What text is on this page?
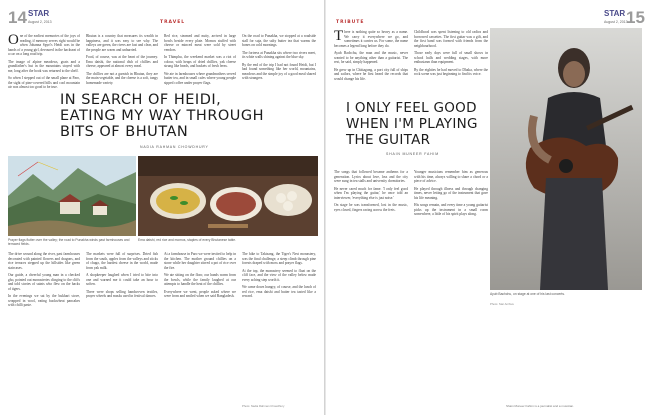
14 STAR
August 2, 2013	TRAVEL
O ne of the earliest memories of the joys of reading, if memory serves right would be when Johanna Spyri's Heidi was in the hands of a young girl, devoured in the backseat of a car on a long road trip.

The image of alpine meadows, goats and a grandfather's hut in the mountains stayed with me, long after the book was returned to the shelf.

So when I stepped out of the small plane at Paro, the sight of pine-covered hills and cool mountain air was almost too good to be true.

Bhutan is a country that measures its wealth in happiness, and it was easy to see why. The valleys are green, the rivers are fast and clear, and the people are warm and unhurried.

Food, of course, was at the heart of the journey. Ema datshi, the national dish of chillies and cheese, appeared at almost every meal.

The chillies are not a garnish in Bhutan, they are the main vegetable, and the cheese is a soft, tangy homemade variety.

Red rice, steamed and nutty, arrived in large bowls beside every plate. Momos stuffed with cheese or minced meat were sold by street vendors.

In Thimphu, the weekend market was a riot of colour, with heaps of dried chillies, yak cheese strung like beads, and baskets of fresh ferns.

We ate in farmhouses where grandmothers served butter tea, and in small cafes where young people sipped coffee under prayer flags.

On the road to Punakha, we stopped at a roadside stall for suja, the salty butter tea that warms the bones on cold mornings.

The fortress at Punakha sits where two rivers meet, its white walls shining against the blue sky.

By the end of the trip I had not found Heidi, but I had found something like her world, mountains, meadows and the simple joy of a good meal shared with strangers.

IN SEARCH OF HEIDI,
EATING MY WAY THROUGH
BITS OF BHUTAN
NADIA RAHMAN CHOWDHURY
Prayer flags flutter over the valley; the road to Punakha winds past farmhouses and terraced fields.
Ema datshi, red rice and momos, staples of every Bhutanese table.

The drive wound along the river, past farmhouses decorated with painted flowers and dragons, and rice terraces stepped up the hillsides like green staircases.

Our guide, a cheerful young man in a checked gho, pointed out monasteries clinging to the cliffs and told stories of saints who flew on the backs of tigers.

In the evenings we sat by the bukhari stove, wrapped in wool, eating buckwheat pancakes with chilli paste.

The markets were full of surprises. Dried fish from the south, apples from the valleys and sticks of chugo, the hardest cheese in the world, made from yak milk.

A shopkeeper laughed when I tried to bite into one and warned me it could take an hour to soften.

There were shops selling handwoven textiles, prayer wheels and masks used in festival dances.

At a farmhouse in Paro we were invited to help in the kitchen. The mother ground chillies on a stone while her daughter stirred a pot of rice over the fire.

We ate sitting on the floor, our hands warm from the bowls, while the family laughed at our attempts to handle the heat of the chillies.

Everywhere we went, people asked where we were from and smiled when we said Bangladesh.

The hike to Taktsang, the Tiger's Nest monastery, was the final challenge, a steep climb through pine forests draped with moss and prayer flags.

At the top, the monastery seemed to float on the cliff face, and the view of the valley below made every aching step worth it.

We came down hungry, of course, and the lunch of red rice, ema datshi and butter tea tasted like a reward.

Photo: Nadia Rahman Chowdhury
STAR
August 2, 2013
15
TRIBUTE
T here is nothing quite so heavy as a name. We carry it everywhere we go, and sometimes it carries us. For some, the name becomes a legend long before they do.

Ayub Bachchu, the man and the music, never wanted to be anything other than a guitarist. The rest, he said, simply happened.

He grew up in Chittagong, a port city full of ships and sailors, where he first heard the records that would change his life.

Childhood was spent listening to old radios and borrowed cassettes. The first guitar was a gift, and the first band was formed with friends from the neighbourhood.

Those early days were full of small shows in school halls and wedding stages, with more enthusiasm than equipment.

By the eighties he had moved to Dhaka, where the rock scene was just beginning to find its voice.

I ONLY FEEL GOOD
WHEN I'M PLAYING
THE GUITAR
SHAIN MUNEER FAHIM
Ayub Bachchu, on stage at one of his last concerts.

The songs that followed became anthems for a generation. Lyrics about love, loss and the city were sung in tea stalls and university dormitories.

He never cared much for fame. 'I only feel good when I'm playing the guitar,' he once told an interviewer, 'everything else is just noise.'

On stage he was transformed, lost in the music, eyes closed, fingers racing across the frets.

Younger musicians remember him as generous with his time, always willing to share a chord or a piece of advice.

He played through illness and through changing times, never letting go of the instrument that gave his life meaning.

His songs remain, and every time a young guitarist picks up the instrument in a small room somewhere, a little of his spirit plays along.

Photo: Star Archive
Shain Muneer Fahim is a journalist and a musician.
